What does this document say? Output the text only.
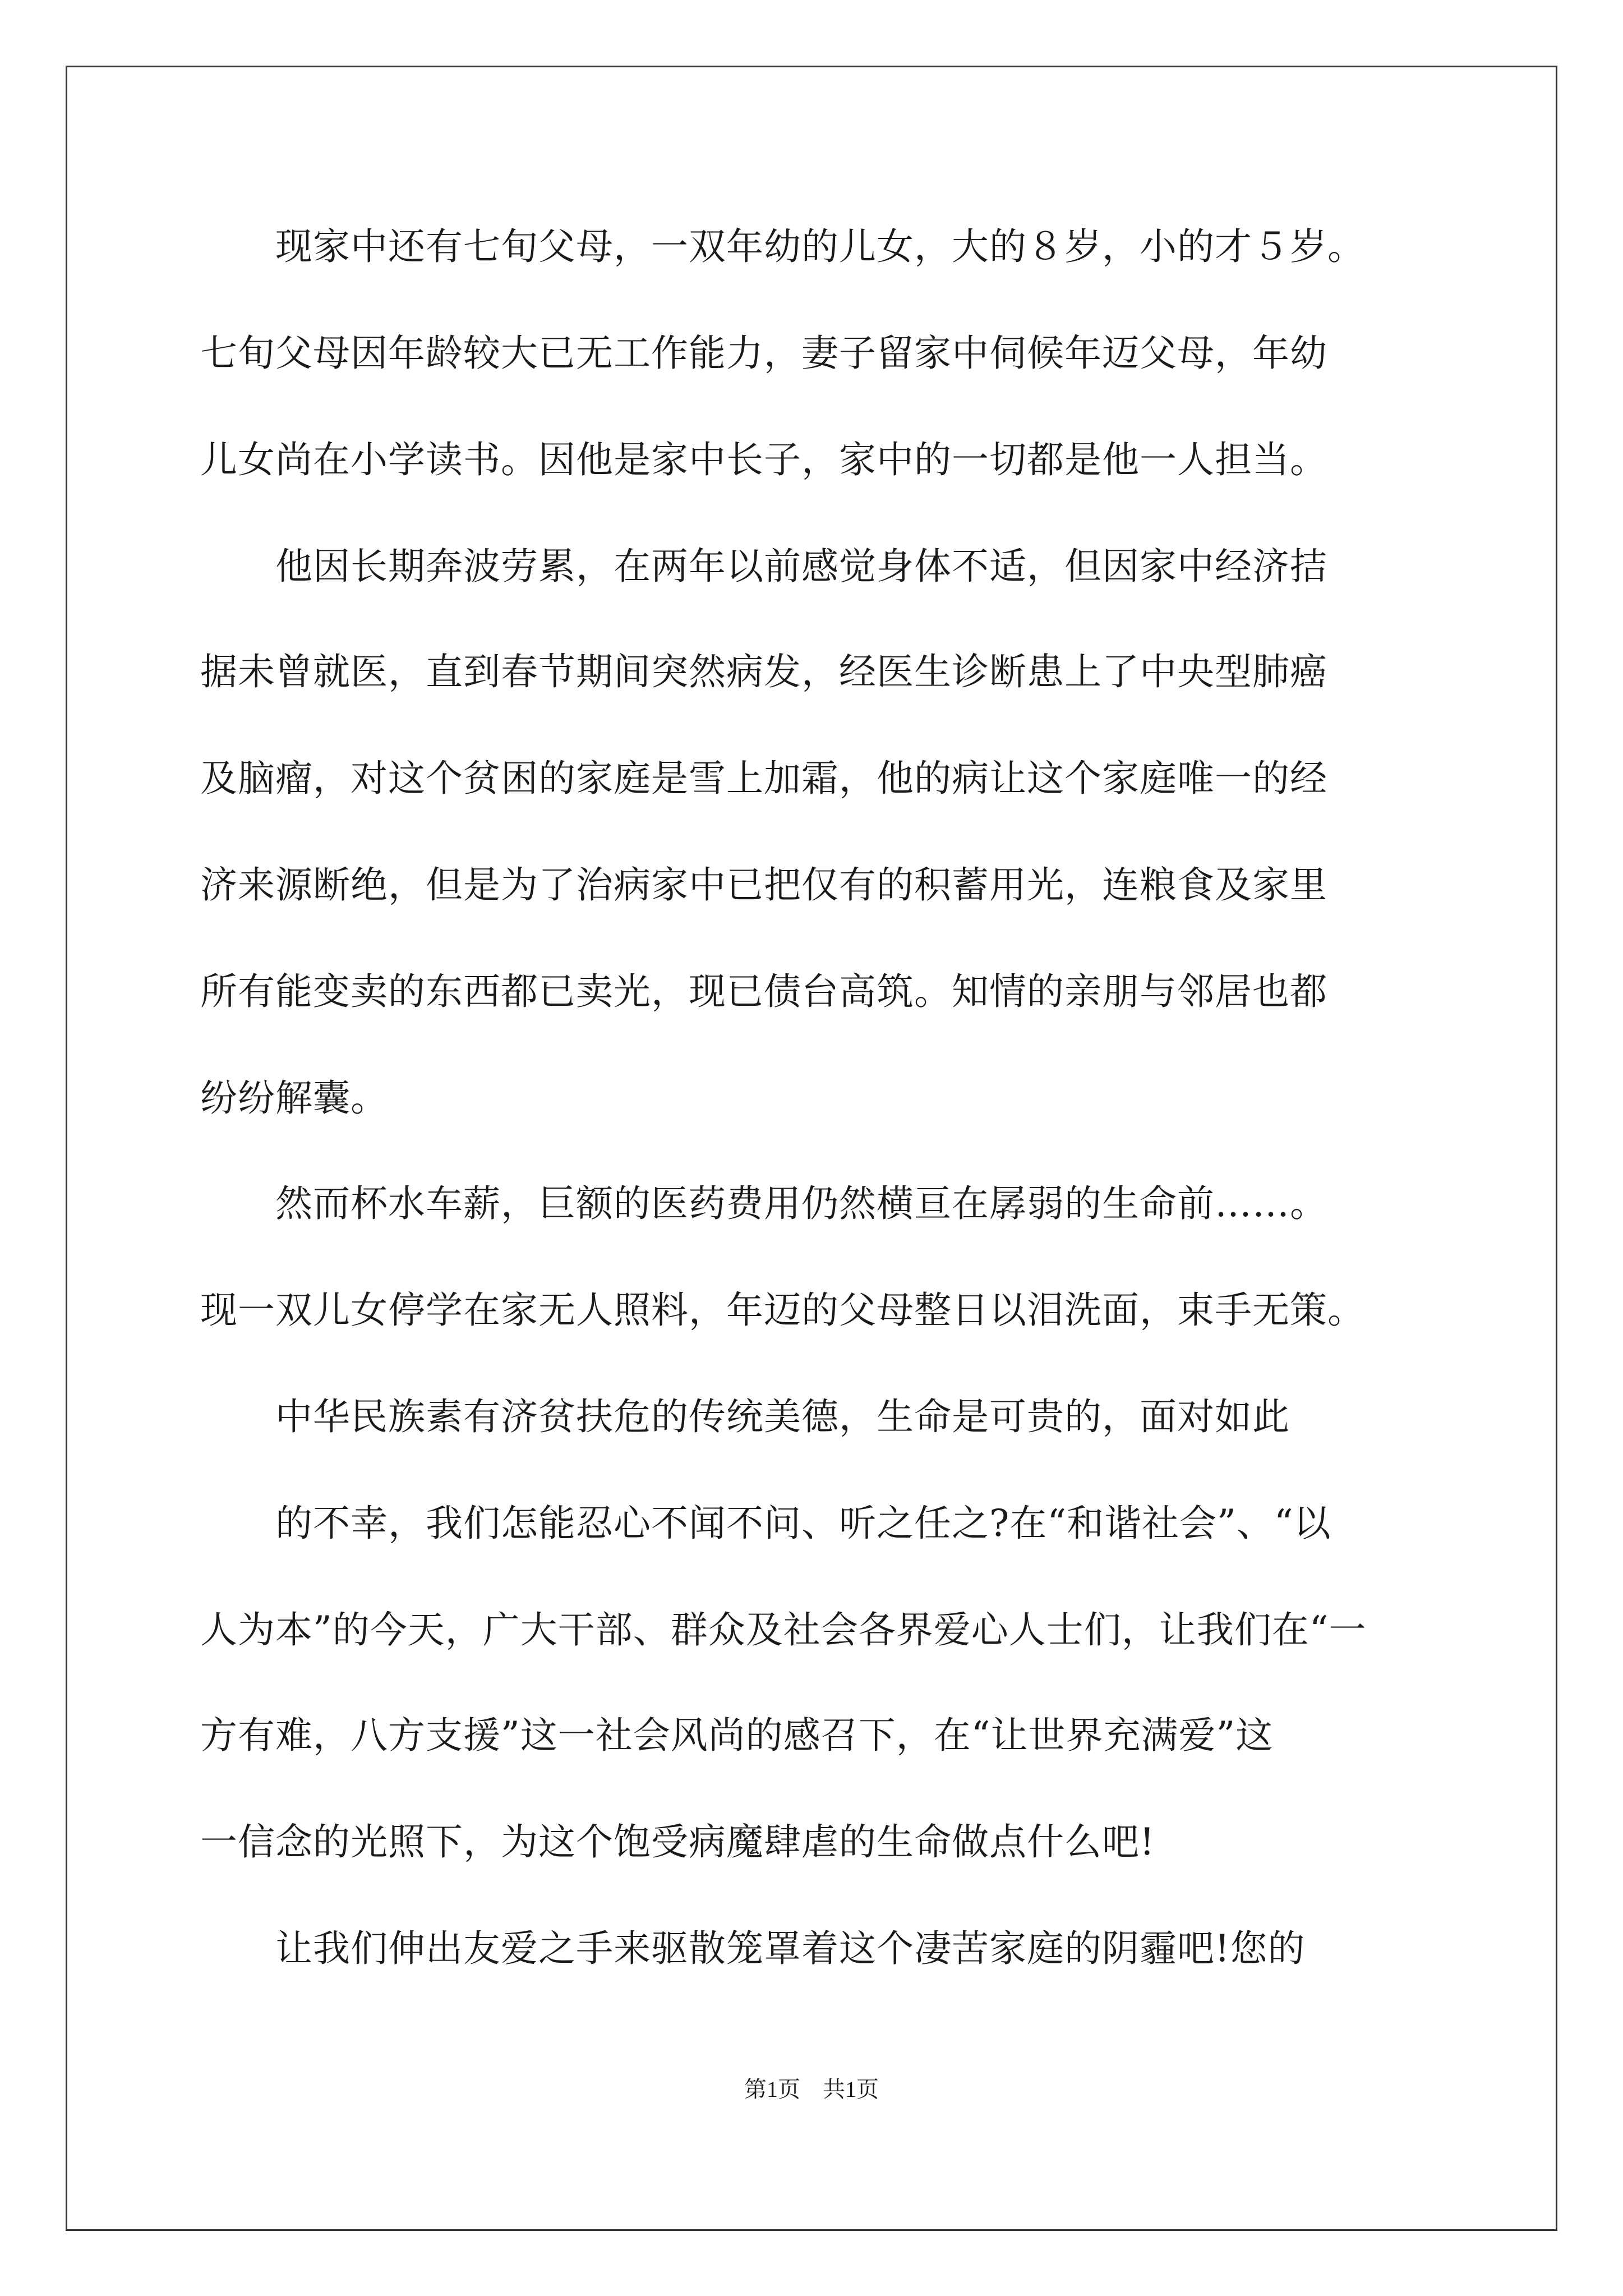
　　现家中还有七旬父母，一双年幼的儿女，大的８岁，小的才５岁。
七旬父母因年龄较大已无工作能力，妻子留家中伺候年迈父母，年幼
儿女尚在小学读书。因他是家中长子，家中的一切都是他一人担当。
　　他因长期奔波劳累，在两年以前感觉身体不适，但因家中经济拮
据未曾就医，直到春节期间突然病发，经医生诊断患上了中央型肺癌
及脑瘤，对这个贫困的家庭是雪上加霜，他的病让这个家庭唯一的经
济来源断绝，但是为了治病家中已把仅有的积蓄用光，连粮食及家里
所有能变卖的东西都已卖光，现已债台高筑。知情的亲朋与邻居也都
纷纷解囊。
　　然而杯水车薪，巨额的医药费用仍然横亘在孱弱的生命前……。
现一双儿女停学在家无人照料，年迈的父母整日以泪洗面，束手无策。
　　中华民族素有济贫扶危的传统美德，生命是可贵的，面对如此
　　的不幸，我们怎能忍心不闻不问、听之任之?在“和谐社会”、“以
人为本”的今天，广大干部、群众及社会各界爱心人士们，让我们在“一
方有难，八方支援”这一社会风尚的感召下，在“让世界充满爱”这
一信念的光照下，为这个饱受病魔肆虐的生命做点什么吧!
　　让我们伸出友爱之手来驱散笼罩着这个凄苦家庭的阴霾吧!您的
第1页　共1页
